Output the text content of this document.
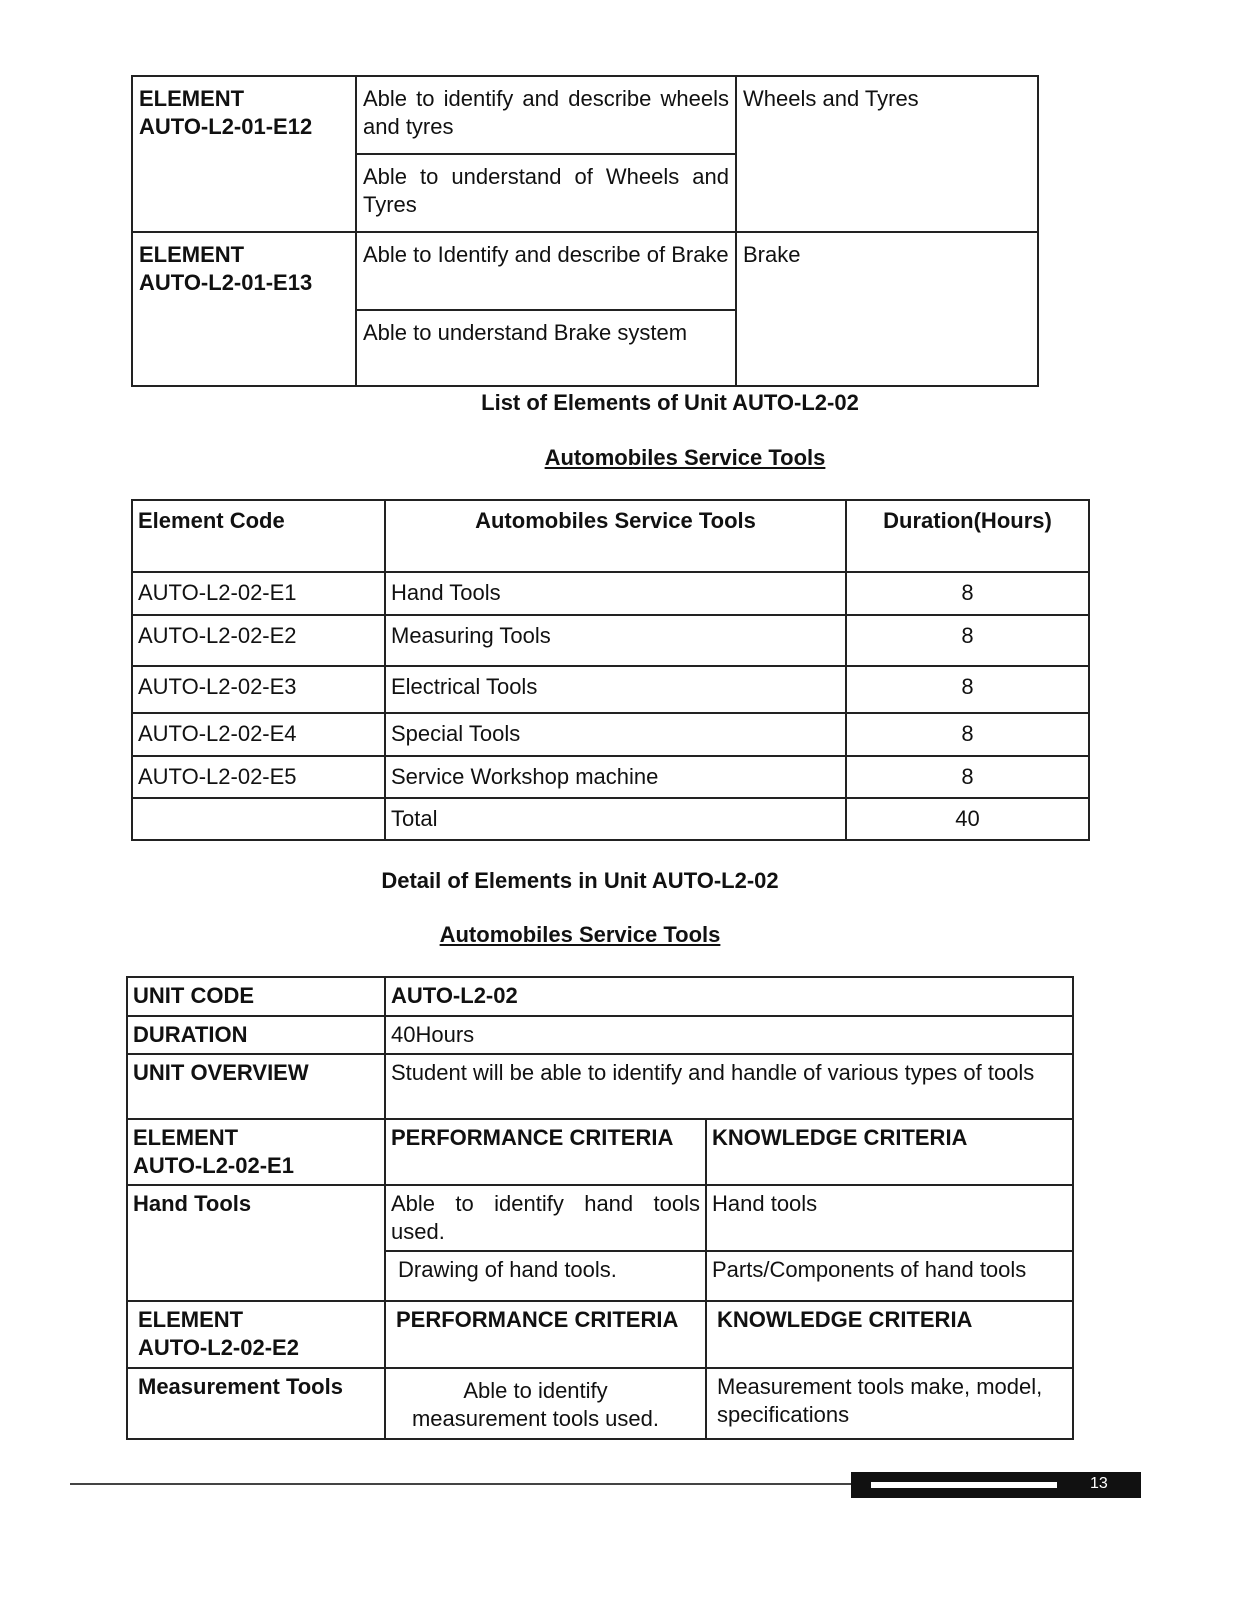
ELEMENT
AUTO-L2-01-E12	Able to identify and describe wheels and tyres	Wheels and Tyres
	Able to understand of Wheels and Tyres	

ELEMENT
AUTO-L2-01-E13	Able to Identify and describe of Brake	Brake
	Able to understand Brake system	
List of Elements of Unit AUTO-L2-02
Automobiles Service Tools
Element Code	Automobiles Service Tools	Duration(Hours)
AUTO-L2-02-E1	Hand Tools	8
AUTO-L2-02-E2	Measuring Tools	8
AUTO-L2-02-E3	Electrical Tools	8
AUTO-L2-02-E4	Special Tools	8
AUTO-L2-02-E5	Service Workshop machine	8
	Total	40
Detail of Elements in Unit AUTO-L2-02
Automobiles Service Tools
UNIT CODE	AUTO-L2-02	
DURATION	40Hours	
UNIT OVERVIEW	Student will be able to identify and handle of various types of tools	

ELEMENT
AUTO-L2-02-E1	PERFORMANCE CRITERIA	KNOWLEDGE CRITERIA
Hand Tools	Able to identify hand tools used.	Hand tools
	Drawing of hand tools.	Parts/Components of hand tools

ELEMENT
AUTO-L2-02-E2	PERFORMANCE CRITERIA	KNOWLEDGE CRITERIA
Measurement Tools	Able to identify measurement tools used.	Measurement tools make, model, specifications
13
